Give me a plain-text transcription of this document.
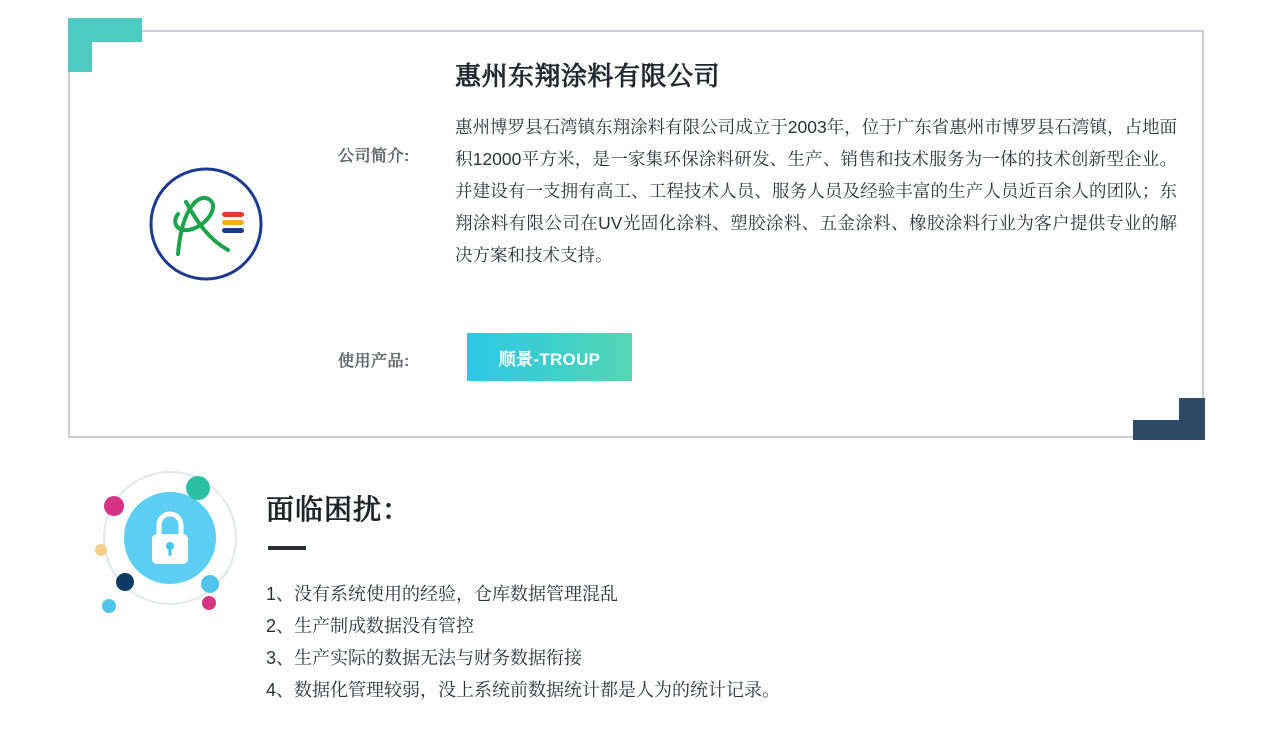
惠州东翔涂料有限公司
公司简介:
惠州博罗县石湾镇东翔涂料有限公司成立于2003年，位于广东省惠州市博罗县石湾镇，占地面积12000平方米，是一家集环保涂料研发、生产、销售和技术服务为一体的技术创新型企业。并建设有一支拥有高工、工程技术人员、服务人员及经验丰富的生产人员近百余人的团队；东翔涂料有限公司在UV光固化涂料、塑胶涂料、五金涂料、橡胶涂料行业为客户提供专业的解决方案和技术支持。
使用产品:	顺景-TROUP
面临困扰：
1、没有系统使用的经验，仓库数据管理混乱
2、生产制成数据没有管控
3、生产实际的数据无法与财务数据衔接
4、数据化管理较弱，没上系统前数据统计都是人为的统计记录。
